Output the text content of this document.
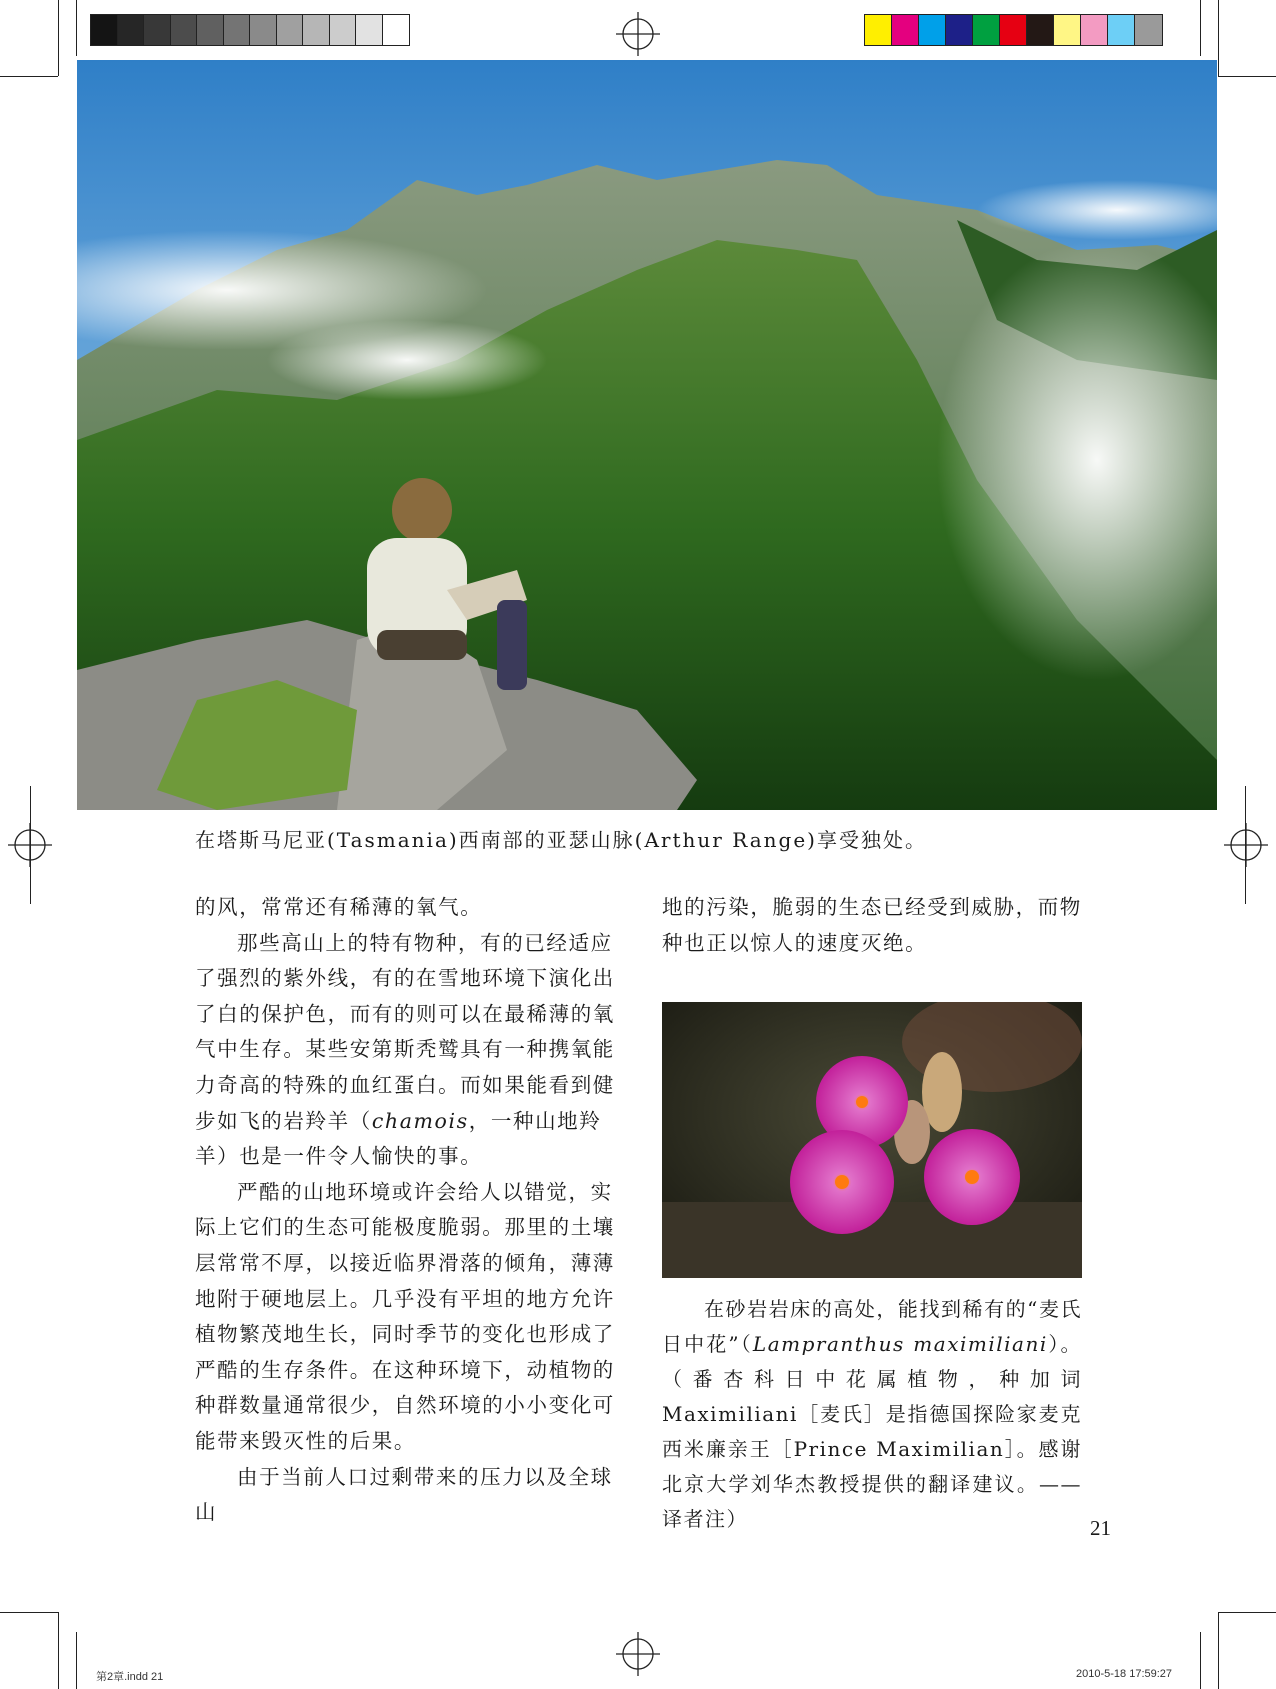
在塔斯马尼亚(Tasmania)西南部的亚瑟山脉(Arthur Range)享受独处。

的风，常常还有稀薄的氧气。

那些高山上的特有物种，有的已经适应了强烈的紫外线，有的在雪地环境下演化出了白的保护色，而有的则可以在最稀薄的氧气中生存。某些安第斯秃鹫具有一种携氧能力奇高的特殊的血红蛋白。而如果能看到健步如飞的岩羚羊（chamois，一种山地羚羊）也是一件令人愉快的事。

严酷的山地环境或许会给人以错觉，实际上它们的生态可能极度脆弱。那里的土壤层常常不厚，以接近临界滑落的倾角，薄薄地附于硬地层上。几乎没有平坦的地方允许植物繁茂地生长，同时季节的变化也形成了严酷的生存条件。在这种环境下，动植物的种群数量通常很少，自然环境的小小变化可能带来毁灭性的后果。

由于当前人口过剩带来的压力以及全球山

地的污染，脆弱的生态已经受到威胁，而物种也正以惊人的速度灭绝。

在砂岩岩床的高处，能找到稀有的“麦氏日中花”（Lampranthus maximiliani）。（番杏科日中花属植物，种加词 Maximiliani［麦氏］是指德国探险家麦克西米廉亲王［Prince Maximilian］。感谢北京大学刘华杰教授提供的翻译建议。——译者注）	21
第2章.indd 21	2010-5-18 17:59:27
